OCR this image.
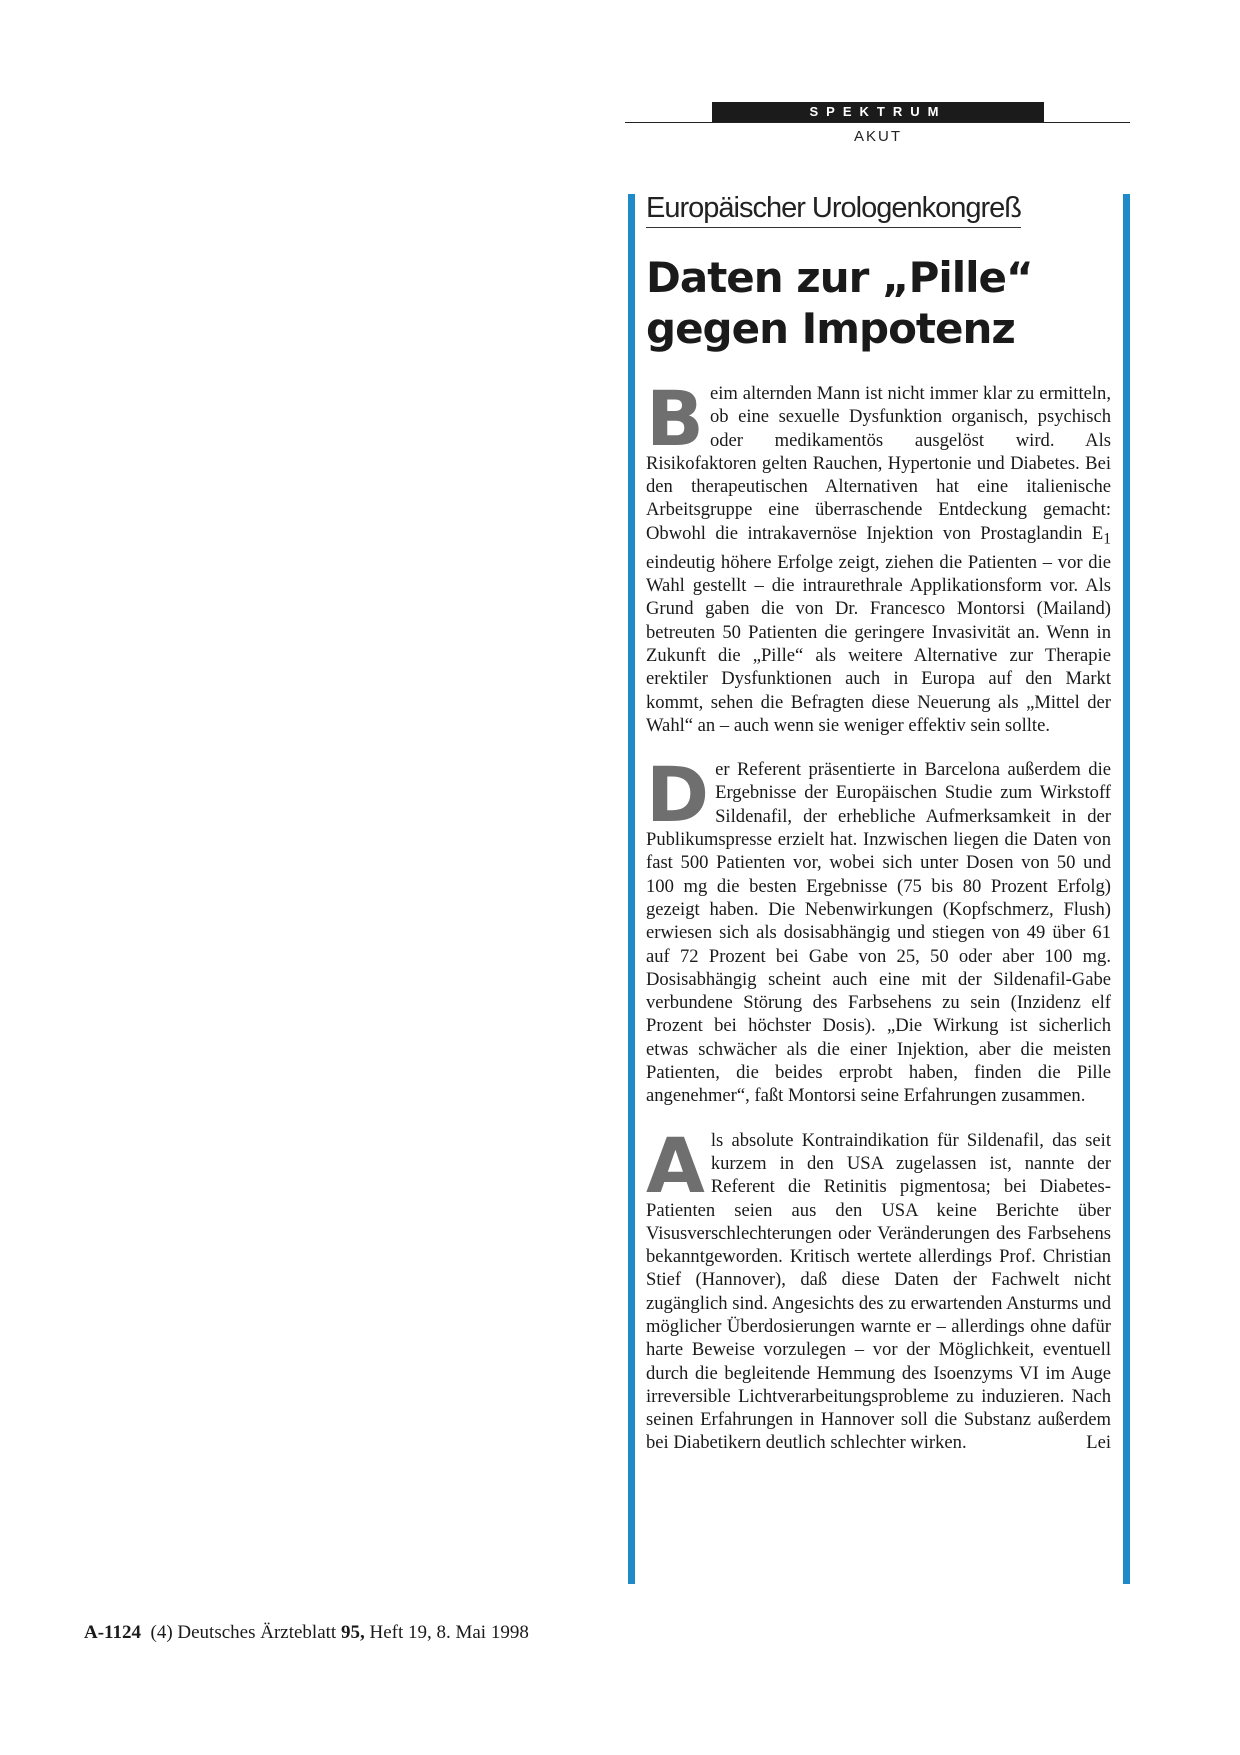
SPEKTRUM
AKUT
Europäischer Urologenkongreß
Daten zur „Pille“ gegen Impotenz

Beim alternden Mann ist nicht immer klar zu ermitteln, ob eine sexuelle Dysfunktion organisch, psychisch oder medikamentös ausgelöst wird. Als Risikofaktoren gelten Rauchen, Hypertonie und Diabetes. Bei den therapeutischen Alternativen hat eine italienische Arbeitsgruppe eine überraschende Entdeckung gemacht: Obwohl die intrakavernöse Injektion von Prostaglandin $E_1$ eindeutig höhere Erfolge zeigt, ziehen die Patienten – vor die Wahl gestellt – die intraurethrale Applikationsform vor. Als Grund gaben die von Dr. Francesco Montorsi (Mailand) betreuten 50 Patienten die geringere Invasivität an. Wenn in Zukunft die „Pille“ als weitere Alternative zur Therapie erektiler Dysfunktionen auch in Europa auf den Markt kommt, sehen die Befragten diese Neuerung als „Mittel der Wahl“ an – auch wenn sie weniger effektiv sein sollte.

Der Referent präsentierte in Barcelona außerdem die Ergebnisse der Europäischen Studie zum Wirkstoff Sildenafil, der erhebliche Aufmerksamkeit in der Publikumspresse erzielt hat. Inzwischen liegen die Daten von fast 500 Patienten vor, wobei sich unter Dosen von 50 und 100 mg die besten Ergebnisse (75 bis 80 Prozent Erfolg) gezeigt haben. Die Nebenwirkungen (Kopfschmerz, Flush) erwiesen sich als dosisabhängig und stiegen von 49 über 61 auf 72 Prozent bei Gabe von 25, 50 oder aber 100 mg. Dosisabhängig scheint auch eine mit der Sildenafil-Gabe verbundene Störung des Farbsehens zu sein (Inzidenz elf Prozent bei höchster Dosis). „Die Wirkung ist sicherlich etwas schwächer als die einer Injektion, aber die meisten Patienten, die beides erprobt haben, finden die Pille angenehmer“, faßt Montorsi seine Erfahrungen zusammen.

Als absolute Kontraindikation für Sildenafil, das seit kurzem in den USA zugelassen ist, nannte der Referent die Retinitis pigmentosa; bei Diabetes-Patienten seien aus den USA keine Berichte über Visusverschlechterungen oder Veränderungen des Farbsehens bekanntgeworden. Kritisch wertete allerdings Prof. Christian Stief (Hannover), daß diese Daten der Fachwelt nicht zugänglich sind. Angesichts des zu erwartenden Ansturms und möglicher Überdosierungen warnte er – allerdings ohne dafür harte Beweise vorzulegen – vor der Möglichkeit, eventuell durch die begleitende Hemmung des Isoenzyms VI im Auge irreversible Lichtverarbeitungsprobleme zu induzieren. Nach seinen Erfahrungen in Hannover soll die Substanz außerdem bei Diabetikern deutlich schlechter wirken.	Lei

A-1124 (4) Deutsches Ärzteblatt 95, Heft 19, 8. Mai 1998
